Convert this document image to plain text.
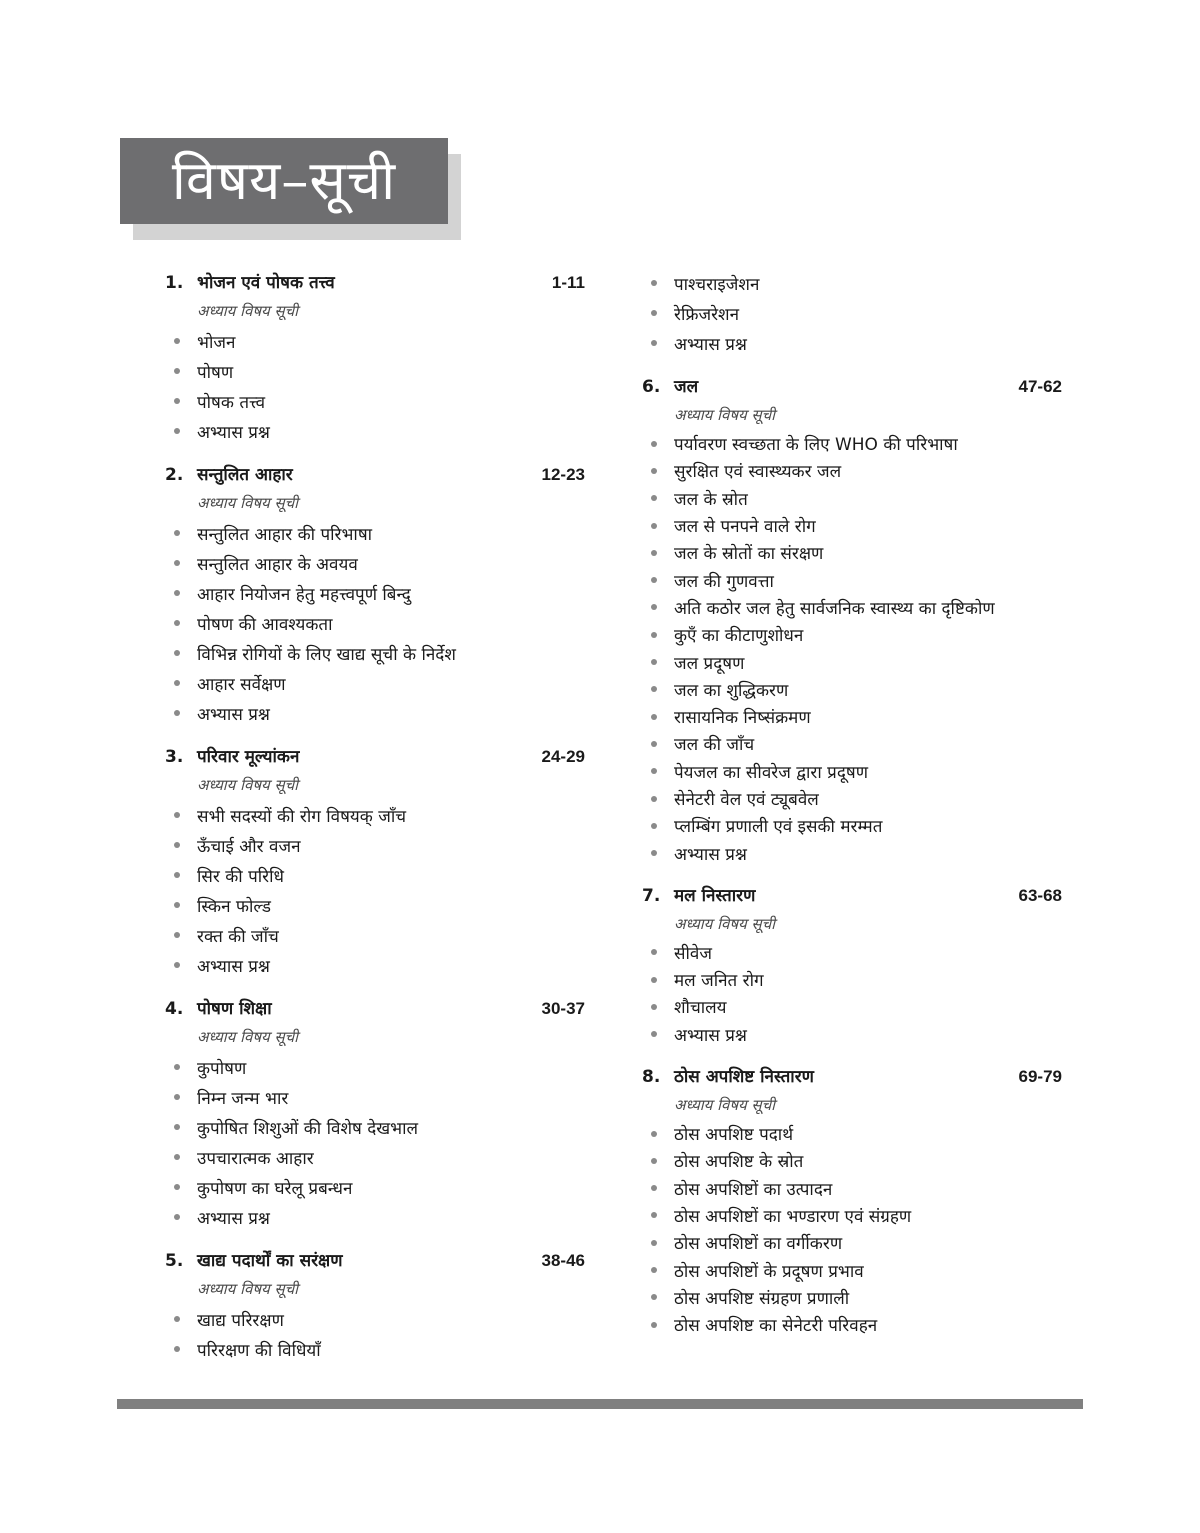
विषय–सूची
1. भोजन एवं पोषक तत्त्व	1-11
अध्याय विषय सूची
भोजन
पोषण
पोषक तत्त्व
अभ्यास प्रश्न
2. सन्तुलित आहार	12-23
अध्याय विषय सूची
सन्तुलित आहार की परिभाषा
सन्तुलित आहार के अवयव
आहार नियोजन हेतु महत्त्वपूर्ण बिन्दु
पोषण की आवश्यकता
विभिन्न रोगियों के लिए खाद्य सूची के निर्देश
आहार सर्वेक्षण
अभ्यास प्रश्न
3. परिवार मूल्यांकन	24-29
अध्याय विषय सूची
सभी सदस्यों की रोग विषयक् जाँच
ऊँचाई और वजन
सिर की परिधि
स्किन फोल्ड
रक्त की जाँच
अभ्यास प्रश्न
4. पोषण शिक्षा	30-37
अध्याय विषय सूची
कुपोषण
निम्न जन्म भार
कुपोषित शिशुओं की विशेष देखभाल
उपचारात्मक आहार
कुपोषण का घरेलू प्रबन्धन
अभ्यास प्रश्न
5. खाद्य पदार्थों का सरंक्षण	38-46
अध्याय विषय सूची
खाद्य परिरक्षण
परिरक्षण की विधियाँ
पाश्चराइजेशन
रेफ्रिजरेशन
अभ्यास प्रश्न
6. जल	47-62
अध्याय विषय सूची
पर्यावरण स्वच्छता के लिए WHO की परिभाषा
सुरक्षित एवं स्वास्थ्यकर जल
जल के स्रोत
जल से पनपने वाले रोग
जल के स्रोतों का संरक्षण
जल की गुणवत्ता
अति कठोर जल हेतु सार्वजनिक स्वास्थ्य का दृष्टिकोण
कुएँ का कीटाणुशोधन
जल प्रदूषण
जल का शुद्धिकरण
रासायनिक निष्संक्रमण
जल की जाँच
पेयजल का सीवरेज द्वारा प्रदूषण
सेनेटरी वेल एवं ट्यूबवेल
प्लम्बिंग प्रणाली एवं इसकी मरम्मत
अभ्यास प्रश्न
7. मल निस्तारण	63-68
अध्याय विषय सूची
सीवेज
मल जनित रोग
शौचालय
अभ्यास प्रश्न
8. ठोस अपशिष्ट निस्तारण	69-79
अध्याय विषय सूची
ठोस अपशिष्ट पदार्थ
ठोस अपशिष्ट के स्रोत
ठोस अपशिष्टों का उत्पादन
ठोस अपशिष्टों का भण्डारण एवं संग्रहण
ठोस अपशिष्टों का वर्गीकरण
ठोस अपशिष्टों के प्रदूषण प्रभाव
ठोस अपशिष्ट संग्रहण प्रणाली
ठोस अपशिष्ट का सेनेटरी परिवहन
